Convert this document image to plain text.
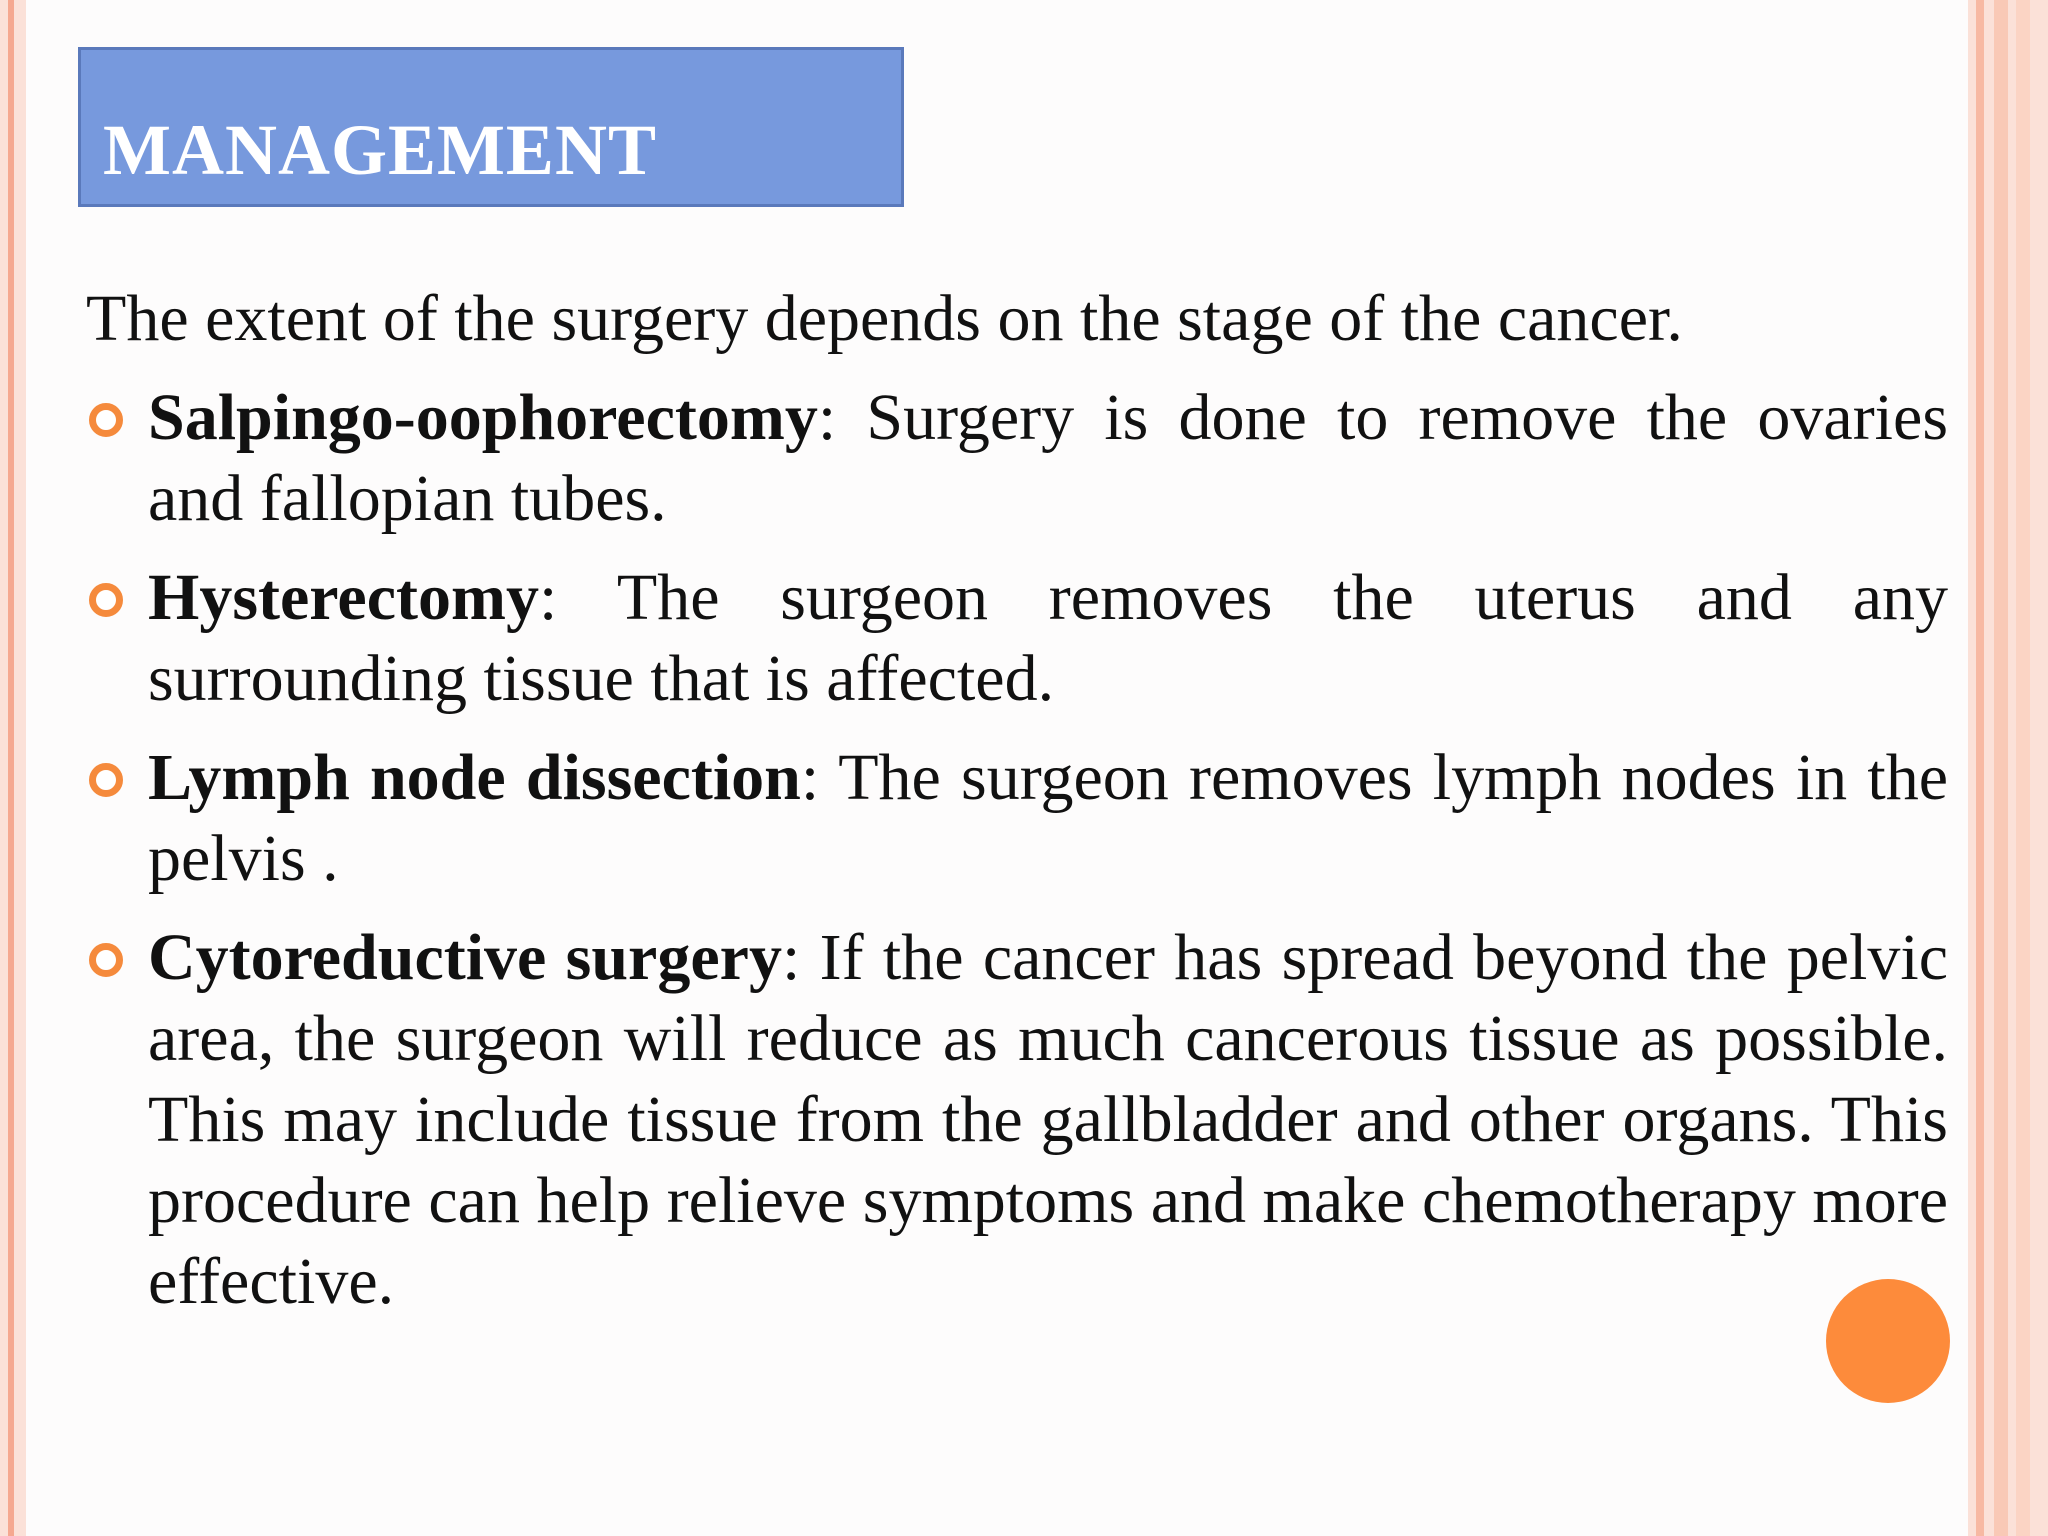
MANAGEMENT

The extent of the surgery depends on the stage of the cancer.

Salpingo-oophorectomy: Surgery is done to remove the ovaries and fallopian tubes.
Hysterectomy: The surgeon removes the uterus and any surrounding tissue that is affected.
Lymph node dissection: The surgeon removes lymph nodes in the pelvis .
Cytoreductive surgery: If the cancer has spread beyond the pelvic area, the surgeon will reduce as much cancerous tissue as possible. This may include tissue from the gallbladder and other organs. This procedure can help relieve symptoms and make chemotherapy more effective.
